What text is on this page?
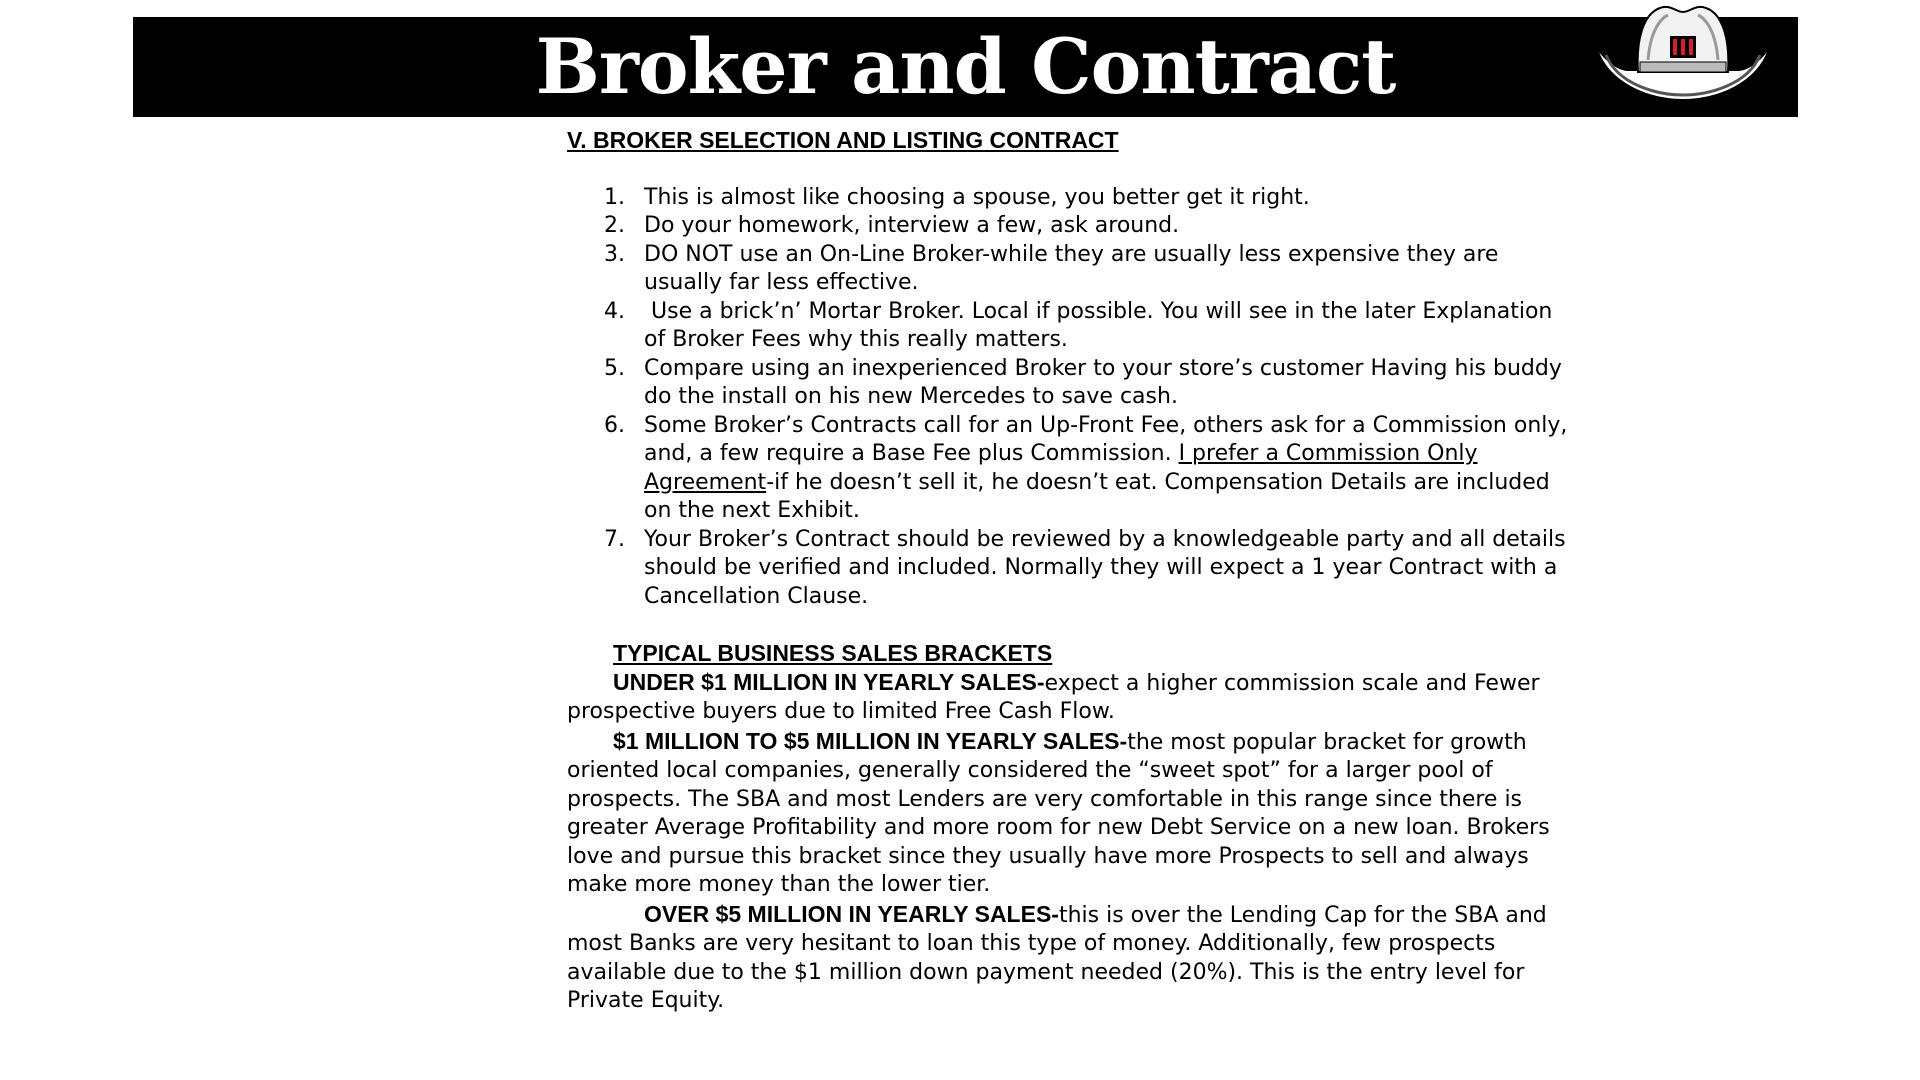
Broker and Contract
V. BROKER SELECTION AND LISTING CONTRACT
1. This is almost like choosing a spouse, you better get it right.
2. Do your homework, interview a few, ask around.
3. DO NOT use an On-Line Broker-while they are usually less expensive they are usually far less effective.
4. Use a brick’n’ Mortar Broker. Local if possible. You will see in the later Explanation of Broker Fees why this really matters.
5. Compare using an inexperienced Broker to your store’s customer Having his buddy do the install on his new Mercedes to save cash.
6. Some Broker’s Contracts call for an Up-Front Fee, others ask for a Commission only, and, a few require a Base Fee plus Commission. I prefer a Commission Only Agreement-if he doesn’t sell it, he doesn’t eat. Compensation Details are included on the next Exhibit.
7. Your Broker’s Contract should be reviewed by a knowledgeable party and all details should be verified and included. Normally they will expect a 1 year Contract with a Cancellation Clause.
TYPICAL BUSINESS SALES BRACKETS
UNDER $1 MILLION IN YEARLY SALES-expect a higher commission scale and Fewer prospective buyers due to limited Free Cash Flow.
$1 MILLION TO $5 MILLION IN YEARLY SALES-the most popular bracket for growth oriented local companies, generally considered the “sweet spot” for a larger pool of prospects. The SBA and most Lenders are very comfortable in this range since there is greater Average Profitability and more room for new Debt Service on a new loan. Brokers love and pursue this bracket since they usually have more Prospects to sell and always make more money than the lower tier.
OVER $5 MILLION IN YEARLY SALES-this is over the Lending Cap for the SBA and most Banks are very hesitant to loan this type of money. Additionally, few prospects available due to the $1 million down payment needed (20%). This is the entry level for Private Equity.
